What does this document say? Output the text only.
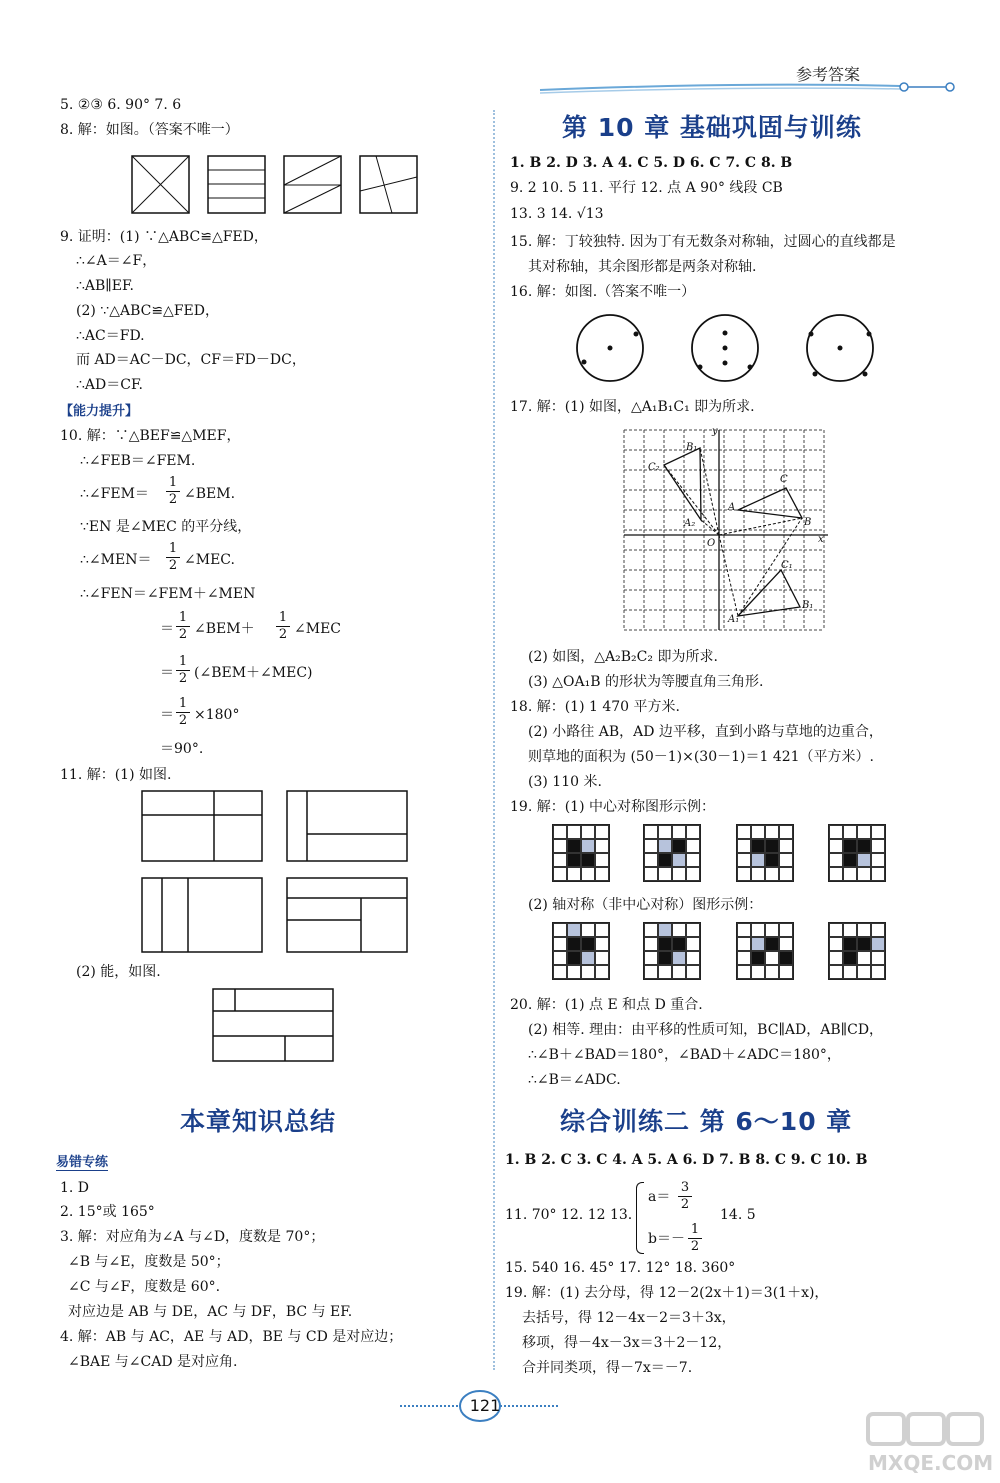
参考答案
5. ②③ 6. 90° 7. 6
8. 解：如图。（答案不唯一）
9. 证明：(1) ∵△ABC≌△FED，
∴∠A＝∠F，
∴AB∥EF.
(2) ∵△ABC≌△FED，
∴AC＝FD.
而 AD＝AC－DC，CF＝FD－DC，
∴AD＝CF.
【能力提升】
10. 解：∵△BEF≌△MEF，
∴∠FEB＝∠FEM.
∴∠FEM＝
1
2 ∠BEM.
∵EN 是∠MEC 的平分线，
∴∠MEN＝
1
2 ∠MEC.
∴∠FEN＝∠FEM＋∠MEN
＝
1
2 ∠BEM＋
1
2 ∠MEC
＝
1
2 (∠BEM＋∠MEC)
＝
1
2 ×180°
＝90°.
11. 解：(1) 如图.
(2) 能，如图.
本章知识总结
易错专练
1. D
2. 15°或 165°
3. 解：对应角为∠A 与∠D，度数是 70°；
∠B 与∠E，度数是 50°；
∠C 与∠F，度数是 60°.
对应边是 AB 与 DE，AC 与 DF，BC 与 EF.
4. 解：AB 与 AC，AE 与 AD，BE 与 CD 是对应边；
∠BAE 与∠CAD 是对应角.
第 10 章 基础巩固与训练
1. B 2. D 3. A 4. C 5. D 6. C 7. C 8. B
9. 2 10. 5 11. 平行 12. 点 A 90° 线段 CB
13. 3 14. √13
15. 解：丁较独特. 因为丁有无数条对称轴，过圆心的直线都是
其对称轴，其余图形都是两条对称轴.
16. 解：如图.（答案不唯一）
17. 解：(1) 如图，△A₁B₁C₁ 即为所求.
B₁
C₂
C
A
A₂	B
O	x
y
C₁
B₁
A₁
(2) 如图，△A₂B₂C₂ 即为所求.
(3) △OA₁B 的形状为等腰直角三角形.
18. 解：(1) 1 470 平方米.
(2) 小路往 AB，AD 边平移，直到小路与草地的边重合，
则草地的面积为 (50－1)×(30－1)＝1 421（平方米）.
(3) 110 米.
19. 解：(1) 中心对称图形示例：
(2) 轴对称（非中心对称）图形示例：
20. 解：(1) 点 E 和点 D 重合.
(2) 相等. 理由：由平移的性质可知，BC∥AD，AB∥CD，
∴∠B＋∠BAD＝180°，∠BAD＋∠ADC＝180°，
∴∠B＝∠ADC.
综合训练二 第 6～10 章
1. B 2. C 3. C 4. A 5. A 6. D 7. B 8. C 9. C 10. B
11. 70° 12. 12 13.
a＝
3
2
b＝－
1
2
14. 5
15. 540 16. 45° 17. 12° 18. 360°
19. 解：(1) 去分母，得 12－2(2x＋1)＝3(1＋x)，
去括号，得 12－4x－2＝3＋3x，
移项，得－4x－3x＝3＋2－12，
合并同类项，得－7x＝－7.
121
MXQE.COM
